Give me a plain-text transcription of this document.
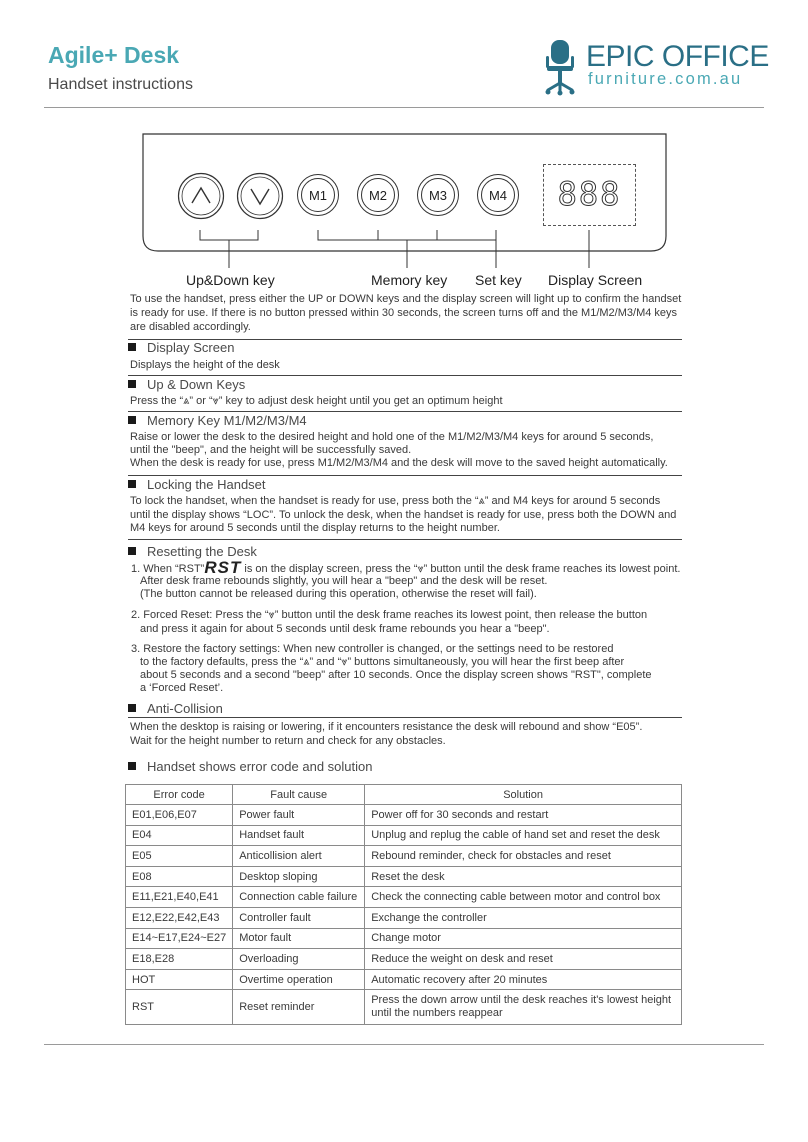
Agile+ Desk
Handset instructions
EPIC OFFICE
furniture.com.au
M1	M2	M3	M4	888
Up&Down key	Memory key Set key Display Screen
To use the handset, press either the UP or DOWN keys and the display screen will light up to confirm the handset is ready for use. If there is no button pressed within 30 seconds, the screen turns off and the M1/M2/M3/M4 keys are disabled accordingly.
Display Screen
Displays the height of the desk
Up & Down Keys
Press the “⩓” or “⩔” key to adjust desk height until you get an optimum height
Memory Key M1/M2/M3/M4
Raise or lower the desk to the desired height and hold one of the M1/M2/M3/M4 keys for around 5 seconds,
until the "beep", and the height will be successfully saved.
When the desk is ready for use, press M1/M2/M3/M4 and the desk will move to the saved height automatically.
Locking the Handset
To lock the handset, when the handset is ready for use, press both the “⩓” and M4 keys for around 5 seconds until the display shows “LOC”. To unlock the desk, when the handset is ready for use, press both the DOWN and M4 keys for around 5 seconds until the display returns to the height number.
Resetting the Desk
1. When “RST”RST is on the display screen, press the “⩔” button until the desk frame reaches its lowest point.
After desk frame rebounds slightly, you will hear a "beep" and the desk will be reset.
(The button cannot be released during this operation, otherwise the reset will fail).
2. Forced Reset: Press the “⩔” button until the desk frame reaches its lowest point, then release the button
and press it again for about 5 seconds until desk frame rebounds you hear a "beep".
3. Restore the factory settings: When new controller is changed, or the settings need to be restored
to the factory defaults, press the “⩓” and “⩔” buttons simultaneously, you will hear the first beep after
about 5 seconds and a second "beep" after 10 seconds. Once the display screen shows "RST", complete
a ‘Forced Reset’.
Anti-Collision
When the desktop is raising or lowering, if it encounters resistance the desk will rebound and show “E05”.
Wait for the height number to return and check for any obstacles.
Handset shows error code and solution
Error code	Fault cause	Solution
E01,E06,E07	Power fault	Power off for 30 seconds and restart
E04	Handset fault	Unplug and replug the cable of hand set and reset the desk
E05	Anticollision alert	Rebound reminder, check for obstacles and reset
E08	Desktop sloping	Reset the desk
E11,E21,E40,E41	Connection cable failure	Check the connecting cable between motor and control box
E12,E22,E42,E43	Controller fault	Exchange the controller
E14~E17,E24~E27	Motor fault	Change motor
E18,E28	Overloading	Reduce the weight on desk and reset
HOT	Overtime operation	Automatic recovery after 20 minutes
RST	Reset reminder	Press the down arrow until the desk reaches it's lowest height until the numbers reappear
